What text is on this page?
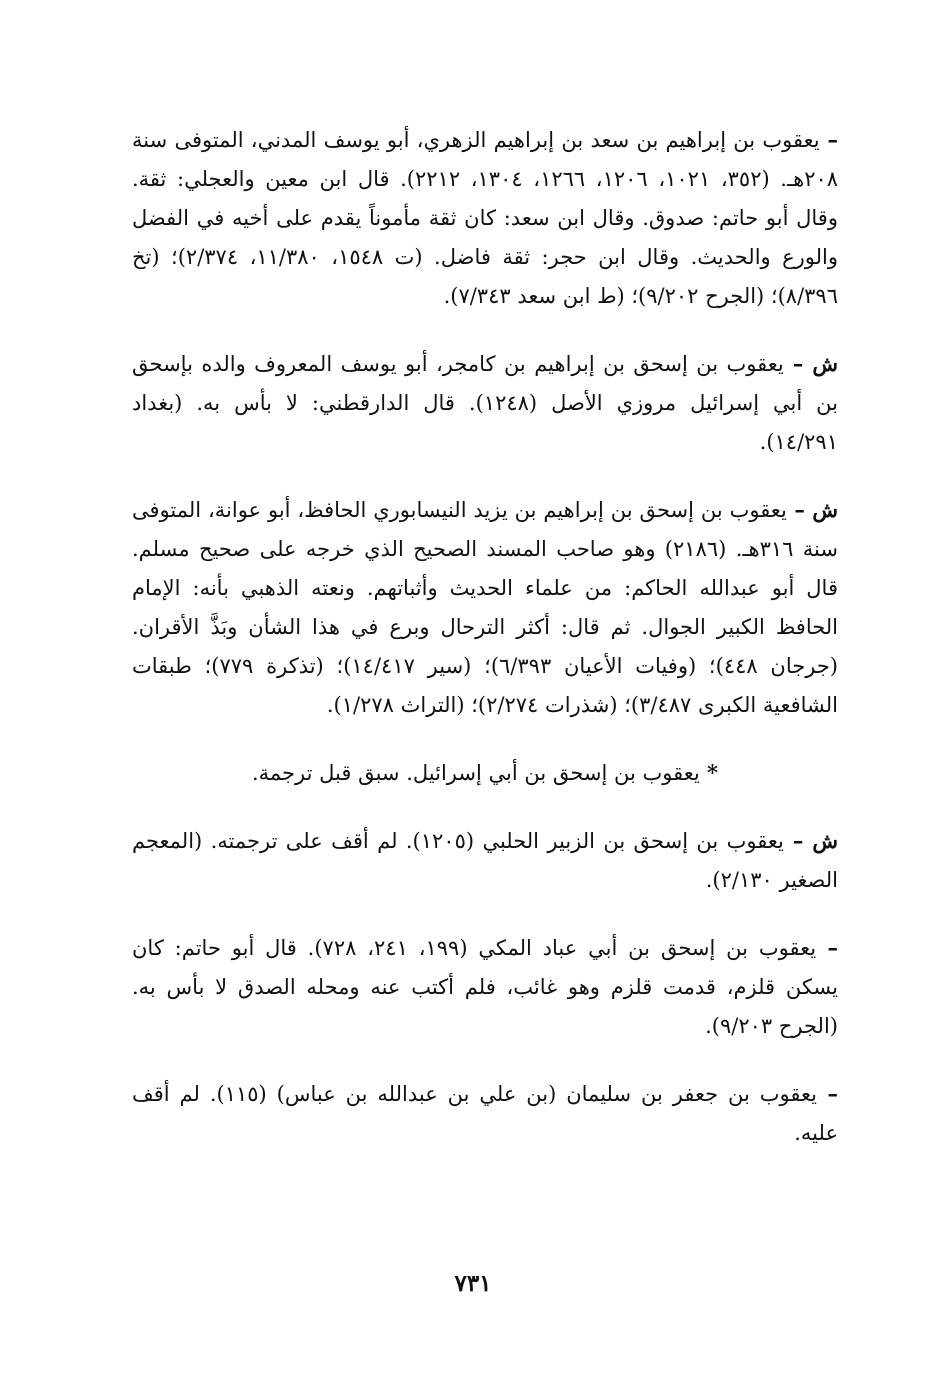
– يعقوب بن إبراهيم بن سعد بن إبراهيم الزهري، أبو يوسف المدني، المتوفى سنة ٢٠٨هـ. (٣٥٢، ١٠٢١، ١٢٠٦، ١٢٦٦، ١٣٠٤، ٢٢١٢). قال ابن معين والعجلي: ثقة. وقال أبو حاتم: صدوق. وقال ابن سعد: كان ثقة مأموناً يقدم على أخيه في الفضل والورع والحديث. وقال ابن حجر: ثقة فاضل. (ت ١٥٤٨، ١١/٣٨٠، ٢/٣٧٤)؛ (تخ ٨/٣٩٦)؛ (الجرح ٩/٢٠٢)؛ (ط ابن سعد ٧/٣٤٣).

ش – يعقوب بن إسحق بن إبراهيم بن كامجر، أبو يوسف المعروف والده بإسحق بن أبي إسرائيل مروزي الأصل (١٢٤٨). قال الدارقطني: لا بأس به. (بغداد ١٤/٢٩١).

ش – يعقوب بن إسحق بن إبراهيم بن يزيد النيسابوري الحافظ، أبو عوانة، المتوفى سنة ٣١٦هـ. (٢١٨٦) وهو صاحب المسند الصحيح الذي خرجه على صحيح مسلم. قال أبو عبدالله الحاكم: من علماء الحديث وأثباتهم. ونعته الذهبي بأنه: الإمام الحافظ الكبير الجوال. ثم قال: أكثر الترحال وبرع في هذا الشأن وبَذَّ الأقران. (جرجان ٤٤٨)؛ (وفيات الأعيان ٦/٣٩٣)؛ (سير ١٤/٤١٧)؛ (تذكرة ٧٧٩)؛ طبقات الشافعية الكبرى ٣/٤٨٧)؛ (شذرات ٢/٢٧٤)؛ (التراث ١/٢٧٨).

* يعقوب بن إسحق بن أبي إسرائيل. سبق قبل ترجمة.

ش – يعقوب بن إسحق بن الزبير الحلبي (١٢٠٥). لم أقف على ترجمته. (المعجم الصغير ٢/١٣٠).

– يعقوب بن إسحق بن أبي عباد المكي (١٩٩، ٢٤١، ٧٢٨). قال أبو حاتم: كان يسكن قلزم، قدمت قلزم وهو غائب، فلم أكتب عنه ومحله الصدق لا بأس به. (الجرح ٩/٢٠٣).

– يعقوب بن جعفر بن سليمان (بن علي بن عبدالله بن عباس) (١١٥). لم أقف عليه.

٧٣١
